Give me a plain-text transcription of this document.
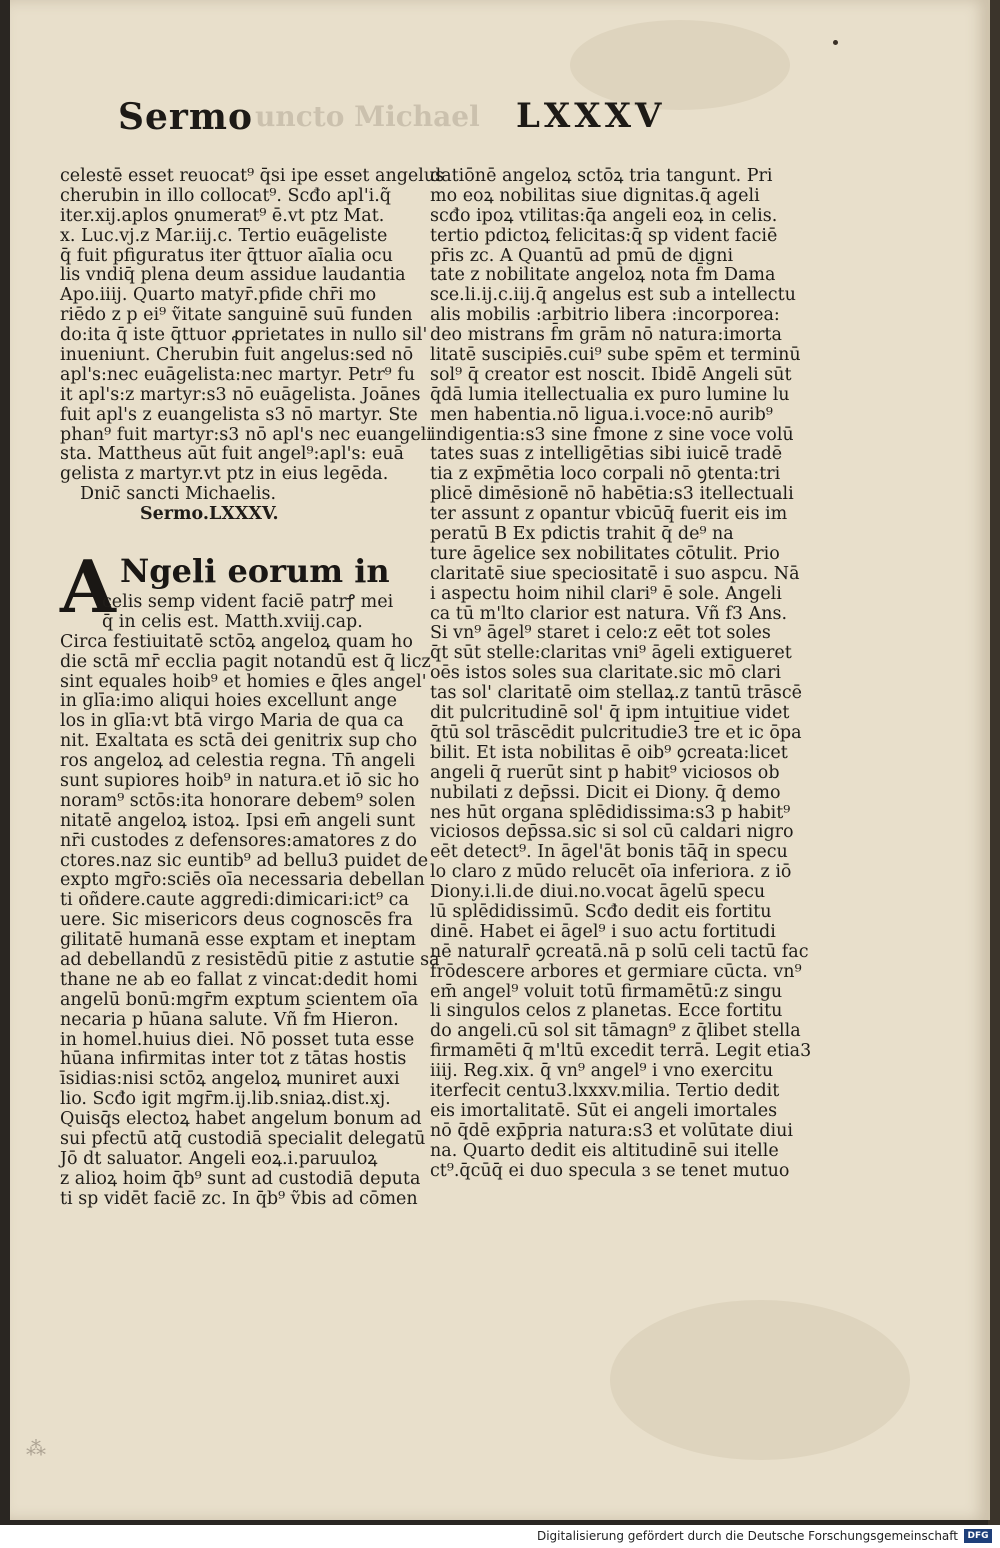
Sermo uncto Michael LXXXV
celestē esset reuocat⁹ q̄si ipe esset angelus
cherubin in illo collocat⁹. Scđo apl'i.q̃
iter.xij.aplos ꝯnumerat⁹ ē.vt ptz Mat.
x. Luc.vj.z Mar.iij.c. Tertio euāgeliste
q̄ fuit pfiguratus iter q̄ttuor aīalia ocu
lis vndiq̄ plena deum assidue laudantia
Apo.iiij. Quarto matyr̄.pfide chr̄i mo
riēdo z p ei⁹ ṽitate sanguinē suū funden
do:ita q̄ iste q̄ttuor ꝓprietates in nullo sil'
inueniunt. Cherubin fuit angelus:sed nō
apl's:nec euāgelista:nec martyr. Petr⁹ fu
it apl's:z martyr:s3 nō euāgelista. Joānes
fuit apl's z euangelista s3 nō martyr. Ste
phan⁹ fuit martyr:s3 nō apl's nec euangeli
sta. Mattheus aūt fuit angel⁹:apl's: euā
gelista z martyr.vt ptz in eius legēda.
Dnic̄ sancti Michaelis.
Sermo.LXXXV.
A Ngeli eorum in
celis semp vident faciē patrꝭ mei
q̄ in celis est. Matth.xviij.cap.
Circa festiuitatē sctōꝝ angeloꝝ quam ho
die sctā mr̄ ecclia pagit notandū est q̄ licz
sint equales hoib⁹ et homies e q̄les angel'
in glīa:imo aliqui hoies excellunt ange
los in glīa:vt btā virgo Maria de qua ca
nit. Exaltata es sctā dei genitrix sup cho
ros angeloꝝ ad celestia regna. Tn̄ angeli
sunt supiores hoib⁹ in natura.et iō sic ho
noram⁹ sctōs:ita honorare debem⁹ solen
nitatē angeloꝝ istoꝝ. Ipsi em̄ angeli sunt
nr̄i custodes z defensores:amatores z do
ctores.naz sic euntib⁹ ad bellu3 puidet de
expto mgr̄o:sciēs oīa necessaria debellan
ti oñdere.caute aggredi:dimicari:ict⁹ ca
uere. Sic misericors deus cognoscēs fra
gilitatē humanā esse exptam et ineptam
ad debellandū z resistēdū pitie z astutie sa
thane ne ab eo fallat z vincat:dedit homi
angelū bonū:mgr̄m exptum scientem oīa
necaria p hūana salute. Vñ f̄m Hieron.
in homel.huius diei. Nō posset tuta esse
hūana infirmitas inter tot z tātas hostis
īsidias:nisi sctōꝝ angeloꝝ muniret auxi
lio. Scđo igit mgr̄m.ij.lib.sniaꝝ.dist.xj.
Quisq̄s electoꝝ habet angelum bonum ad
sui pfectū atq̄ custodiā specialit delegatū
Jō dt saluator. Angeli eoꝝ.i.paruuloꝝ
z alioꝝ hoim q̄b⁹ sunt ad custodiā deputa
ti sp vidēt faciē zc. In q̄b⁹ ṽbis ad cōmen
datiōnē angeloꝝ sctōꝝ tria tangunt. Pri
mo eoꝝ nobilitas siue dignitas.q̄ ageli
scđo ipoꝝ vtilitas:q̄a angeli eoꝝ in celis.
tertio pdictoꝝ felicitas:q̄ sp vident faciē
pr̄is zc. A Quantū ad pmū de digni
tate z nobilitate angeloꝝ nota f̄m Dama
sce.li.ij.c.iij.q̄ angelus est sub a intellectu
alis mobilis :arbitrio libera :incorporea:
deo mistrans f̄m grām nō natura:imorta
litatē suscipiēs.cui⁹ sube spēm et terminū
sol⁹ q̄ creator est noscit. Ibidē Angeli sūt
q̄dā lumia itellectualia ex puro lumine lu
men habentia.nō ligua.i.voce:nō aurib⁹
indigentia:s3 sine f̄mone z sine voce volū
tates suas z intelligētias sibi iuicē tradē
tia z exp̄mētia loco corpali nō ꝯtenta:tri
plicē dimēsionē nō habētia:s3 itellectuali
ter assunt z opantur vbicūq̄ fuerit eis im
peratū B Ex pdictis trahit q̄ de⁹ na
ture āgelice sex nobilitates cōtulit. Prio
claritatē siue speciositatē i suo aspcu. Nā
i aspectu hoim nihil clari⁹ ē sole. Angeli
ca tū m'lto clarior est natura. Vñ f3 Ans.
Si vn⁹ āgel⁹ staret i celo:z eēt tot soles
q̄t sūt stelle:claritas vni⁹ āgeli extigueret
oēs istos soles sua claritate.sic mō clari
tas sol' claritatē oim stellaꝝ.z tantū trāscē
dit pulcritudinē sol' q̄ ipm intuitiue videt
q̄tū sol trāscēdit pulcritudie3 t̄re et ic ōpa
bilit. Et ista nobilitas ē oib⁹ ꝯcreata:licet
angeli q̄ ruerūt sint p habit⁹ viciosos ob
nubilati z dep̄ssi. Dicit ei Diony. q̄ demo
nes hūt organa splēdidissima:s3 p habit⁹
viciosos dep̄ssa.sic si sol cū caldari nigro
eēt detect⁹. In āgel'āt bonis tāq̄ in specu
lo claro z mūdo relucēt oīa inferiora. z iō
Diony.i.li.de diui.no.vocat āgelū specu
lū splēdidissimū. Scđo dedit eis fortitu
dinē. Habet ei āgel⁹ i suo actu fortitudi
nē naturalr̄ ꝯcreatā.nā p solū celi tactū fac
frōdescere arbores et germiare cūcta. vn⁹
em̄ angel⁹ voluit totū firmamētū:z singu
li singulos celos z planetas. Ecce fortitu
do angeli.cū sol sit tāmagn⁹ z q̄libet stella
firmamēti q̄ m'ltū excedit terrā. Legit etia3
iiij. Reg.xix. q̄ vn⁹ angel⁹ i vno exercitu
iterfecit centu3.lxxxv.milia. Tertio dedit
eis imortalitatē. Sūt ei angeli imortales
nō q̄dē exp̄pria natura:s3 et volūtate diui
na. Quarto dedit eis altitudinē sui itelle
ct⁹.q̄cūq̄ ei duo specula ɜ se tenet mutuo
⁂
Digitalisierung gefördert durch die Deutsche Forschungsgemeinschaft	DFG
